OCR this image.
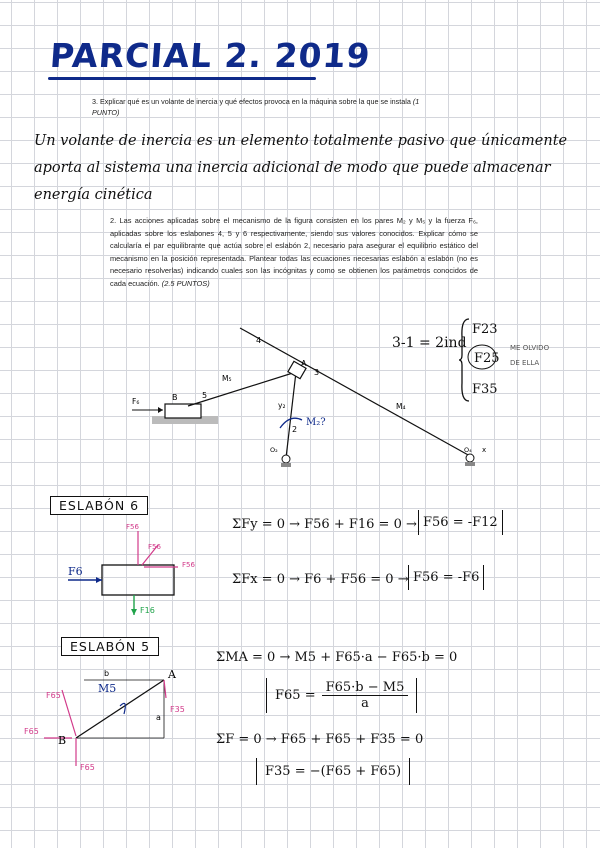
PARCIAL 2. 2019
3. Explicar qué es un volante de inercia y qué efectos provoca en la máquina sobre la que se instala (1 PUNTO)
Un volante de inercia es un elemento totalmente pasivo que únicamente aporta al sistema una inercia adicional de modo que puede almacenar energía cinética
2. Las acciones aplicadas sobre el mecanismo de la figura consisten en los pares M₂ y M₅ y la fuerza F₆, aplicadas sobre los eslabones 4, 5 y 6 respectivamente, siendo sus valores conocidos. Explicar cómo se calcularía el par equilibrante que actúa sobre el eslabón 2, necesario para asegurar el equilibrio estático del mecanismo en la posición representada. Plantear todas las ecuaciones necesarias eslabón a eslabón (no es necesario resolverlas) indicando cuales son las incógnitas y como se obtienen los parámetros conocidos de cada ecuación. (2.5 PUNTOS)
4
A
3
M₅
5
F₆	B
y₂
2
M₂?
M₄
O₂	O₄ x
3-1 = 2ind
F23
F25
F35
ME OLVIDO
DE ELLA
ESLABÓN 6
F56
F56
F56
F6
F16
ΣFy = 0 → F56 + F16 = 0 → F56 = -F12
ΣFx = 0 → F6 + F56 = 0 → F56 = -F6
ESLABÓN 5
b	A
M5
a
F65
F35
B
F65
F65
ΣMA = 0 → M5 + F65·a − F65·b = 0
$F65 = \frac{F65\cdot b - M5}{a}$
ΣF = 0 → F65 + F65 + F35 = 0
F35 = −(F65 + F65)
